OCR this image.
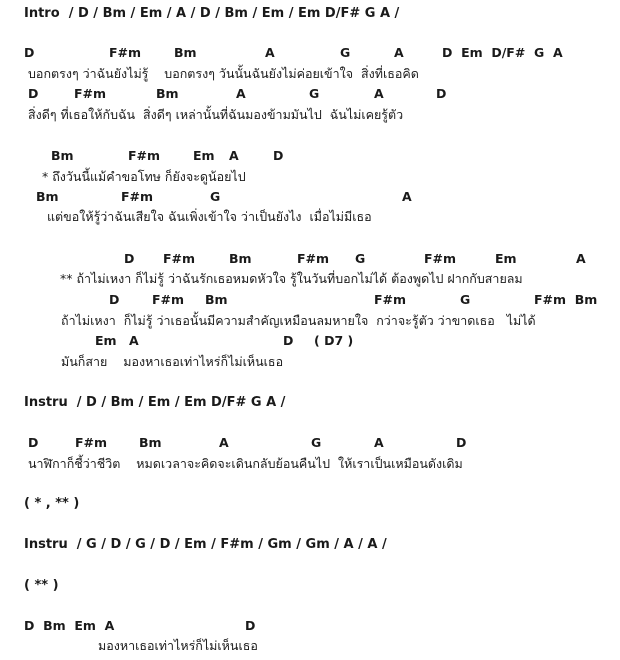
Intro  / D / Bm / Em / A / D / Bm / Em / Em D/F# G A /
D	F#m	Bm	A	G	A	D  Em  D/F#  G  A
บอกตรงๆ ว่าฉันยังไม่รู้    บอกตรงๆ วันนั้นฉันยังไม่ค่อยเข้าใจ  สิ่งที่เธอคิด
D	F#m	Bm	A	G	A	D
สิ่งดีๆ ที่เธอให้กับฉัน  สิ่งดีๆ เหล่านั้นที่ฉันมองข้ามมันไป  ฉันไม่เคยรู้ตัว
Bm	F#m	Em A	D
* ถึงวันนี้แม้คำขอโทษ ก็ยังจะดูน้อยไป
Bm	F#m	G	A
แต่ขอให้รู้ว่าฉันเสียใจ ฉันเพิ่งเข้าใจ ว่าเป็นยังไง  เมื่อไม่มีเธอ
D F#m	Bm	F#m G	F#m	Em	A
** ถ้าไม่เหงา ก็ไม่รู้ ว่าฉันรักเธอหมดหัวใจ รู้ในวันที่บอกไม่ได้ ต้องพูดไป ฝากกับสายลม
D	F#m Bm	F#m	G	F#m  Bm
ถ้าไม่เหงา  ก็ไม่รู้ ว่าเธอนั้นมีความสำคัญเหมือนลมหายใจ  กว่าจะรู้ตัว ว่าขาดเธอ   ไม่ได้
Em A	D ( D7 )
มันก็สาย    มองหาเธอเท่าไหร่ก็ไม่เห็นเธอ
Instru  / D / Bm / Em / Em D/F# G A /
D	F#m	Bm	A	G	A	D
นาฬิกาก็ชี้ว่าชีวิต    หมดเวลาจะคิดจะเดินกลับย้อนคืนไป  ให้เราเป็นเหมือนดังเดิม
( * , ** )
Instru  / G / D / G / D / Em / F#m / Gm / Gm / A / A /
( ** )
D  Bm  Em  A	D
มองหาเธอเท่าไหร่ก็ไม่เห็นเธอ
